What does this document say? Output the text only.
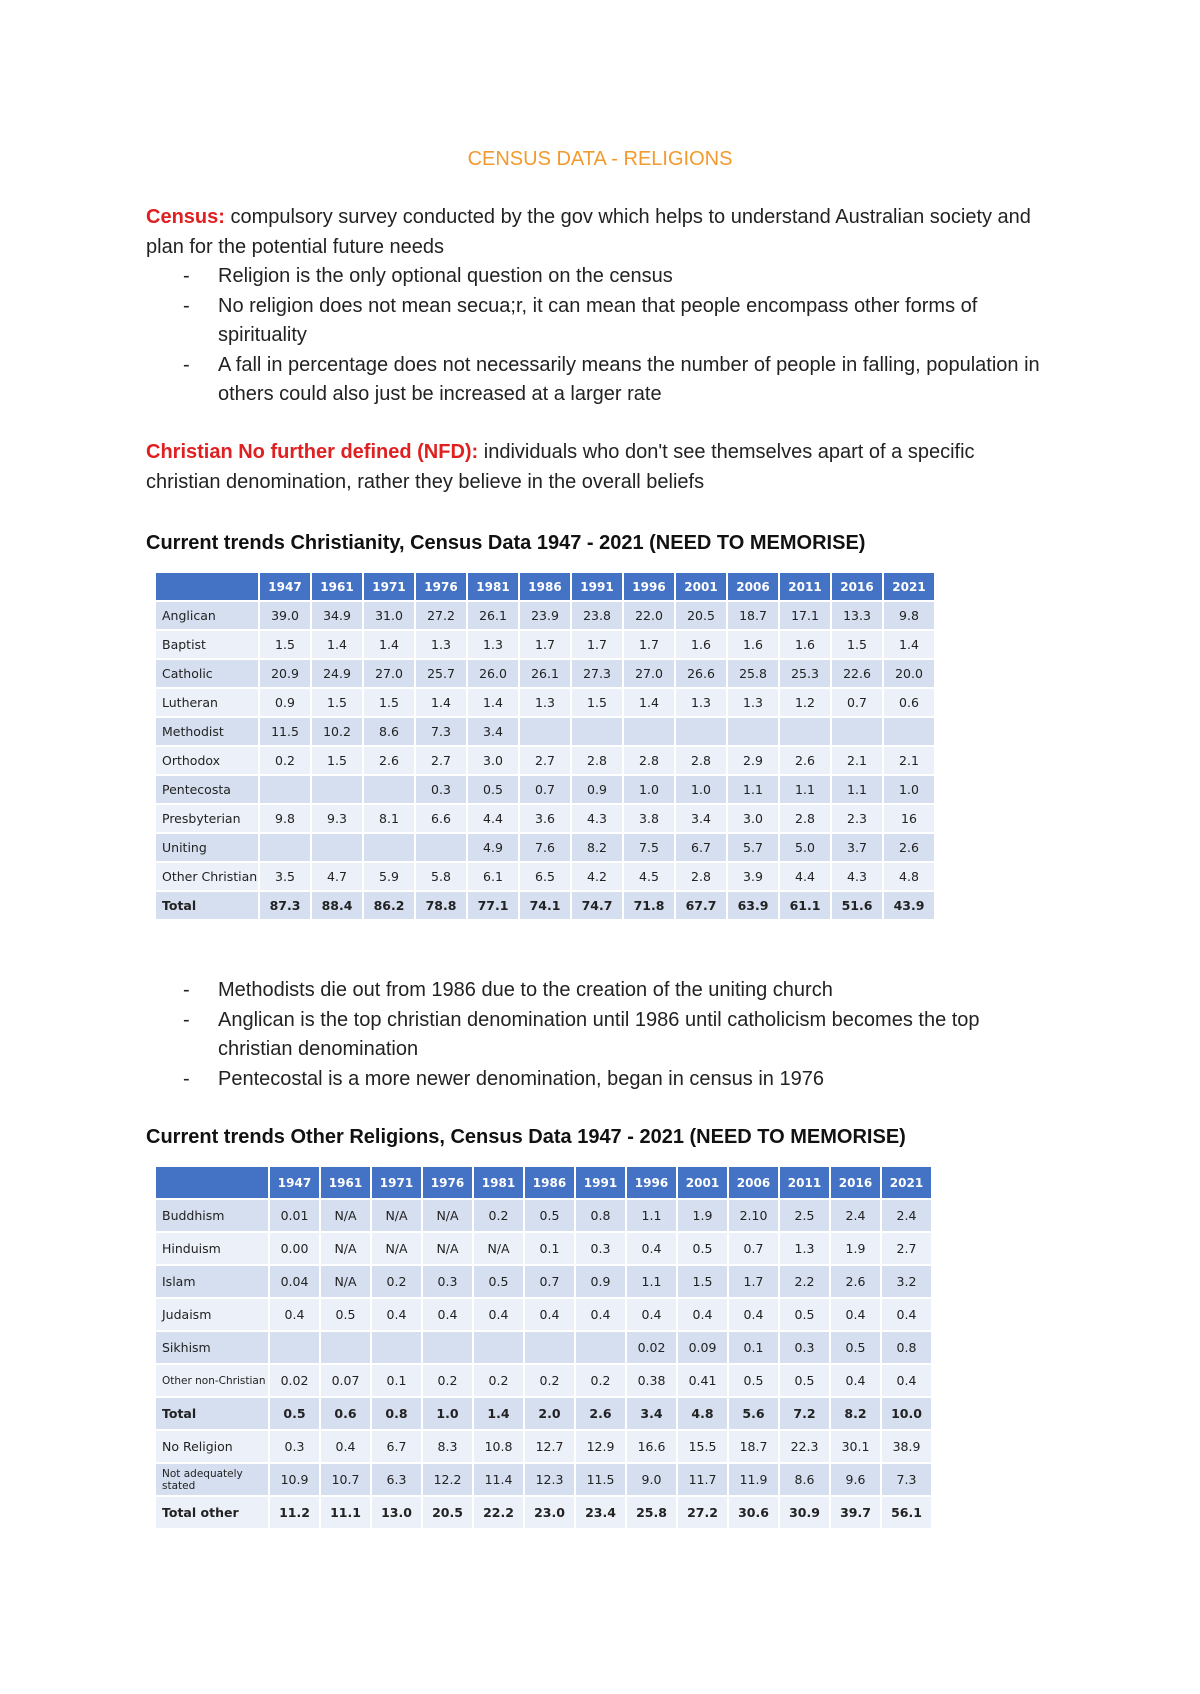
CENSUS DATA - RELIGIONS

Census: compulsory survey conducted by the gov which helps to understand Australian society and plan for the potential future needs

- Religion is the only optional question on the census
- No religion does not mean secua;r, it can mean that people encompass other forms of spirituality
- A fall in percentage does not necessarily means the number of people in falling, population in others could also just be increased at a larger rate

Christian No further defined (NFD): individuals who don't see themselves apart of a specific christian denomination, rather they believe in the overall beliefs

Current trends Christianity, Census Data 1947 - 2021 (NEED TO MEMORISE)
	1947	1961	1971	1976	1981	1986	1991	1996	2001	2006	2011	2016	2021
Anglican	39.0	34.9	31.0	27.2	26.1	23.9	23.8	22.0	20.5	18.7	17.1	13.3	9.8
Baptist	1.5	1.4	1.4	1.3	1.3	1.7	1.7	1.7	1.6	1.6	1.6	1.5	1.4
Catholic	20.9	24.9	27.0	25.7	26.0	26.1	27.3	27.0	26.6	25.8	25.3	22.6	20.0
Lutheran	0.9	1.5	1.5	1.4	1.4	1.3	1.5	1.4	1.3	1.3	1.2	0.7	0.6
Methodist	11.5	10.2	8.6	7.3	3.4								
Orthodox	0.2	1.5	2.6	2.7	3.0	2.7	2.8	2.8	2.8	2.9	2.6	2.1	2.1
Pentecosta				0.3	0.5	0.7	0.9	1.0	1.0	1.1	1.1	1.1	1.0
Presbyterian	9.8	9.3	8.1	6.6	4.4	3.6	4.3	3.8	3.4	3.0	2.8	2.3	16
Uniting					4.9	7.6	8.2	7.5	6.7	5.7	5.0	3.7	2.6
Other Christian	3.5	4.7	5.9	5.8	6.1	6.5	4.2	4.5	2.8	3.9	4.4	4.3	4.8
Total	87.3	88.4	86.2	78.8	77.1	74.1	74.7	71.8	67.7	63.9	61.1	51.6	43.9
- Methodists die out from 1986 due to the creation of the uniting church
- Anglican is the top christian denomination until 1986 until catholicism becomes the top christian denomination
- Pentecostal is a more newer denomination, began in census in 1976
Current trends Other Religions, Census Data 1947 - 2021 (NEED TO MEMORISE)
	1947	1961	1971	1976	1981	1986	1991	1996	2001	2006	2011	2016	2021
Buddhism	0.01	N/A	N/A	N/A	0.2	0.5	0.8	1.1	1.9	2.10	2.5	2.4	2.4
Hinduism	0.00	N/A	N/A	N/A	N/A	0.1	0.3	0.4	0.5	0.7	1.3	1.9	2.7
Islam	0.04	N/A	0.2	0.3	0.5	0.7	0.9	1.1	1.5	1.7	2.2	2.6	3.2
Judaism	0.4	0.5	0.4	0.4	0.4	0.4	0.4	0.4	0.4	0.4	0.5	0.4	0.4
Sikhism								0.02	0.09	0.1	0.3	0.5	0.8
Other non-Christian	0.02	0.07	0.1	0.2	0.2	0.2	0.2	0.38	0.41	0.5	0.5	0.4	0.4
Total	0.5	0.6	0.8	1.0	1.4	2.0	2.6	3.4	4.8	5.6	7.2	8.2	10.0
No Religion	0.3	0.4	6.7	8.3	10.8	12.7	12.9	16.6	15.5	18.7	22.3	30.1	38.9
Not adequately stated	10.9	10.7	6.3	12.2	11.4	12.3	11.5	9.0	11.7	11.9	8.6	9.6	7.3
Total other	11.2	11.1	13.0	20.5	22.2	23.0	23.4	25.8	27.2	30.6	30.9	39.7	56.1
